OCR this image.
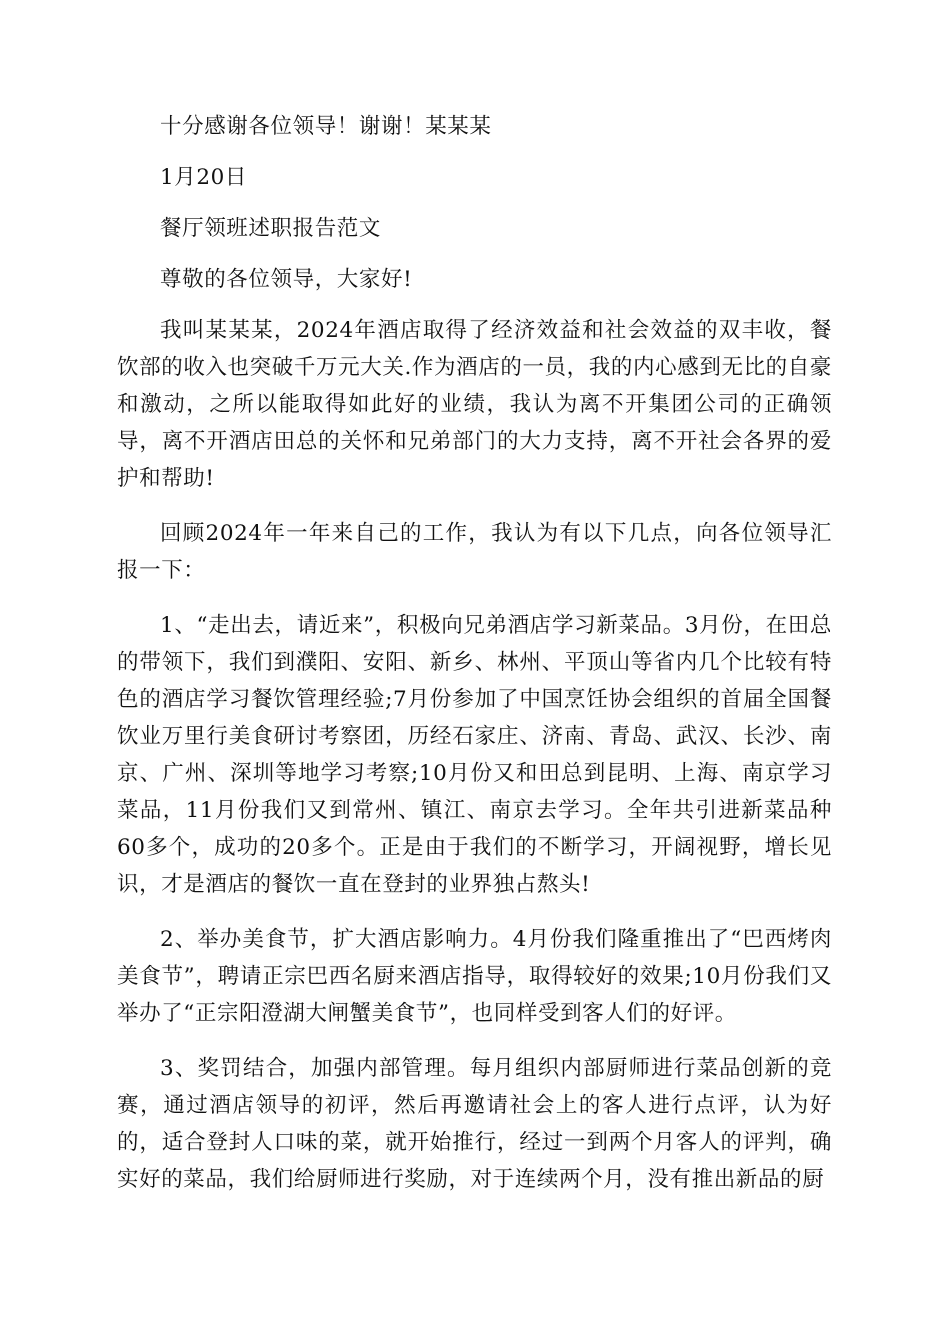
十分感谢各位领导！谢谢！某某某

1月20日

餐厅领班述职报告范文

尊敬的各位领导，大家好!

我叫某某某，2024年酒店取得了经济效益和社会效益的双丰收，餐饮部的收入也突破千万元大关.作为酒店的一员，我的内心感到无比的自豪和激动，之所以能取得如此好的业绩，我认为离不开集团公司的正确领导，离不开酒店田总的关怀和兄弟部门的大力支持，离不开社会各界的爱护和帮助!

回顾2024年一年来自己的工作，我认为有以下几点，向各位领导汇报一下：

1、“走出去，请近来”，积极向兄弟酒店学习新菜品。3月份，在田总的带领下，我们到濮阳、安阳、新乡、林州、平顶山等省内几个比较有特色的酒店学习餐饮管理经验;7月份参加了中国烹饪协会组织的首届全国餐饮业万里行美食研讨考察团，历经石家庄、济南、青岛、武汉、长沙、南京、广州、深圳等地学习考察;10月份又和田总到昆明、上海、南京学习菜品，11月份我们又到常州、镇江、南京去学习。全年共引进新菜品种60多个，成功的20多个。正是由于我们的不断学习，开阔视野，增长见识，才是酒店的餐饮一直在登封的业界独占熬头!

2、举办美食节，扩大酒店影响力。4月份我们隆重推出了“巴西烤肉美食节”，聘请正宗巴西名厨来酒店指导，取得较好的效果;10月份我们又举办了“正宗阳澄湖大闸蟹美食节”，也同样受到客人们的好评。

3、奖罚结合，加强内部管理。每月组织内部厨师进行菜品创新的竞赛，通过酒店领导的初评，然后再邀请社会上的客人进行点评，认为好的，适合登封人口味的菜，就开始推行，经过一到两个月客人的评判，确实好的菜品，我们给厨师进行奖励，对于连续两个月，没有推出新品的厨
